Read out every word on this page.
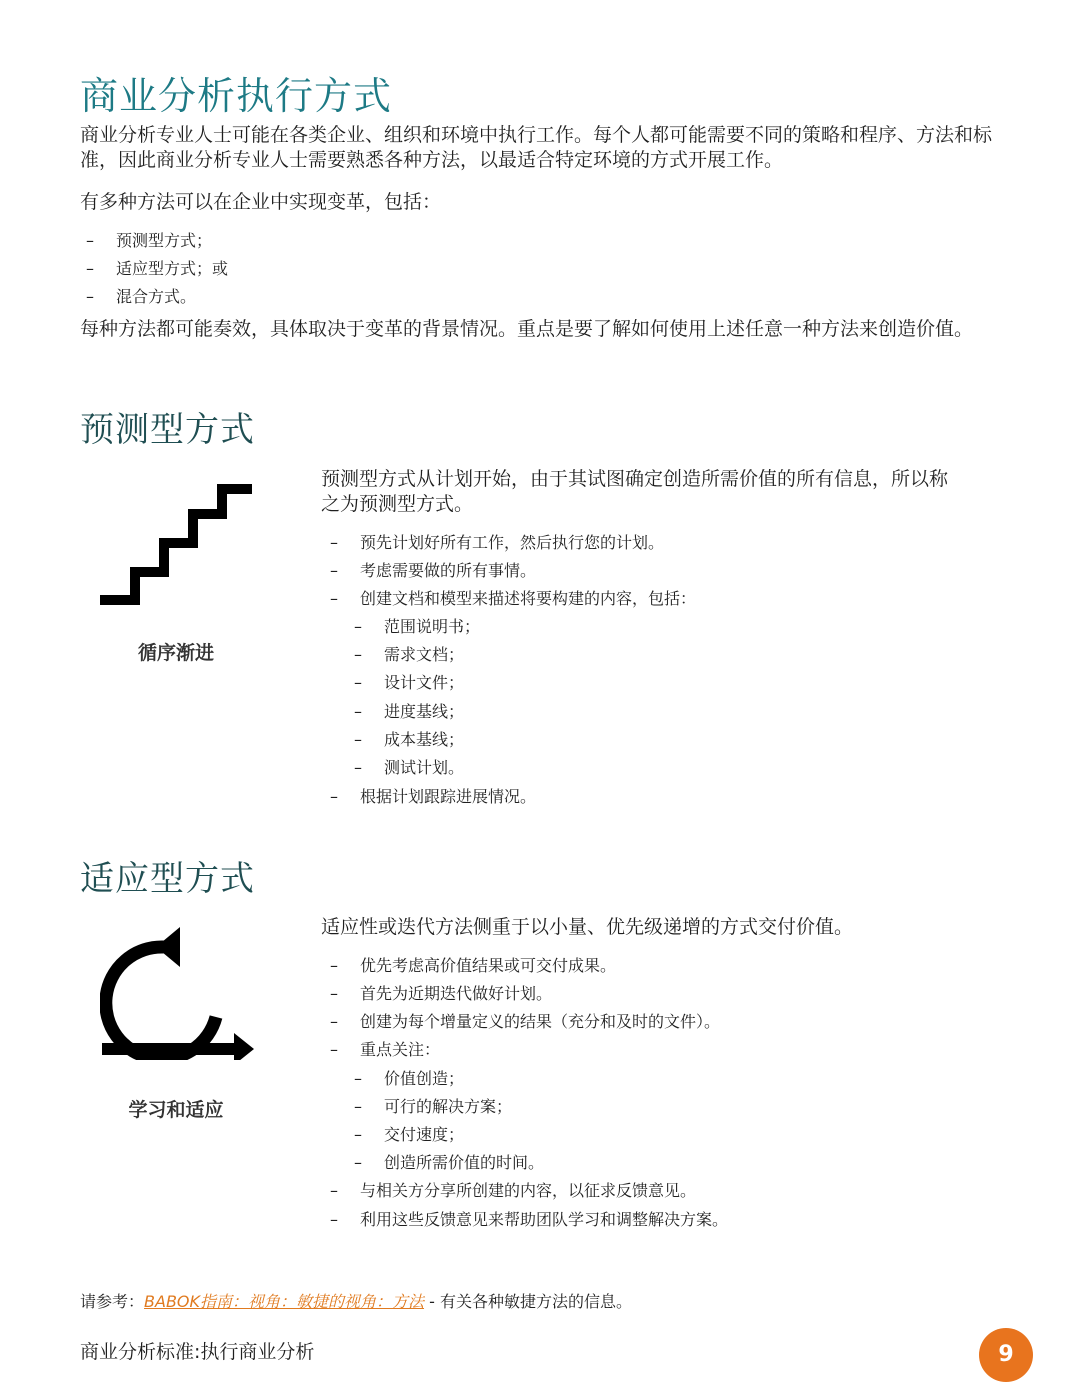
商业分析执行方式
商业分析专业人士可能在各类企业、组织和环境中执行工作。每个人都可能需要不同的策略和程序、方法和标准，因此商业分析专业人士需要熟悉各种方法，以最适合特定环境的方式开展工作。
有多种方法可以在企业中实现变革，包括：
– 预测型方式；
– 适应型方式；或
– 混合方式。
每种方法都可能奏效，具体取决于变革的背景情况。重点是要了解如何使用上述任意一种方法来创造价值。
预测型方式
循序渐进
预测型方式从计划开始，由于其试图确定创造所需价值的所有信息，所以称之为预测型方式。
– 预先计划好所有工作，然后执行您的计划。
– 考虑需要做的所有事情。
– 创建文档和模型来描述将要构建的内容，包括：
– 范围说明书；
– 需求文档；
– 设计文件；
– 进度基线；
– 成本基线；
– 测试计划。
– 根据计划跟踪进展情况。
适应型方式
学习和适应
适应性或迭代方法侧重于以小量、优先级递增的方式交付价值。
– 优先考虑高价值结果或可交付成果。
– 首先为近期迭代做好计划。
– 创建为每个增量定义的结果（充分和及时的文件）。
– 重点关注：
– 价值创造；
– 可行的解决方案；
– 交付速度；
– 创造所需价值的时间。
– 与相关方分享所创建的内容，以征求反馈意见。
– 利用这些反馈意见来帮助团队学习和调整解决方案。
请参考：BABOK指南：视角：敏捷的视角：方法 - 有关各种敏捷方法的信息。
商业分析标准:执行商业分析	9
